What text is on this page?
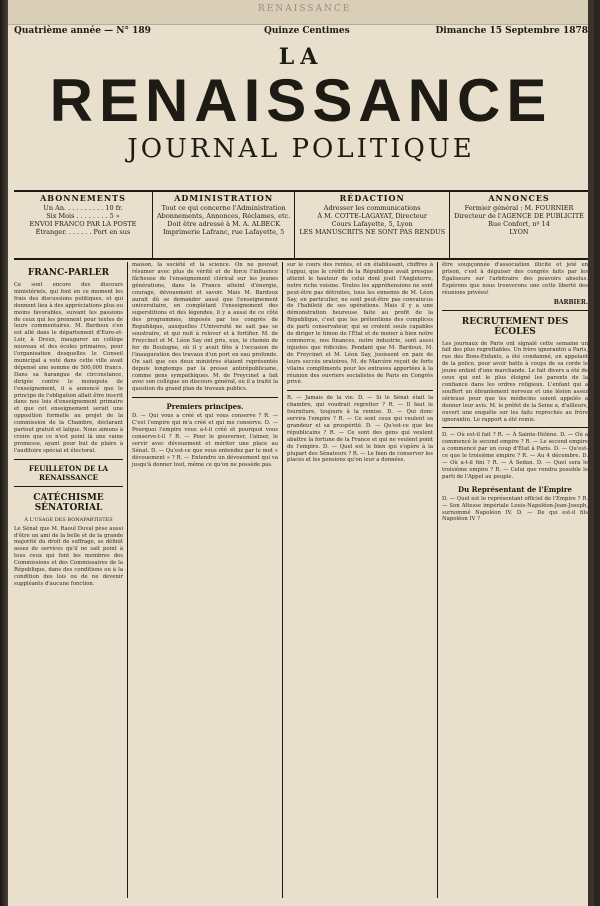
RENAISSANCE
Quatrième année — N° 189	Quinze Centimes	Dimanche 15 Septembre 1878
LA
RENAISSANCE
JOURNAL POLITIQUE
ABONNEMENTS
Un An. . . . . . . . . . 10 fr.
Six Mois . . . . . . . . 5 »
ENVOI FRANCO PAR LA POSTE
Étranger. . . . . . . Port en sus
ADMINISTRATION
Tout ce qui concerne l'Administration
Abonnements, Annonces, Réclames, etc.
Doit être adressé à M. A. ALBECK
Imprimerie Lafranc, rue Lafayette, 5
RÉDACTION
Adresser les communications
À M. COTTE-LAGAYAT, Directeur
Cours Lafayette, 5, Lyon
LES MANUSCRITS NE SONT PAS RENDUS
ANNONCES
Fermier général : M. FOURNIER
Directeur de l'AGENCE DE PUBLICITÉ
Rue Confort, nº 14
LYON
FRANC-PARLER

Ce sont encore des discours ministériels, qui font en ce moment les frais des discussions politiques, et qui donnent lieu à des appréciations plus ou moins favorables, suivant les passions de ceux qui les prennent pour textes de leurs commentaires. M. Bardoux s'en est allé dans le département d'Eure-et-Loir, à Dreux, inaugurer un collège nouveau et des écoles primaires, pour l'organisation desquelles le Conseil municipal a voté dans cette ville avait dépensé une somme de 500,000 francs. Dans sa harangue de circonstance, dirigée contre le monopole de l'enseignement, il a annoncé que le principe de l'obligation allait être inscrit dans nos lois d'enseignement primaire et que cet enseignement serait une opposition formelle au projet de la commission de la Chambre, déclarant partout gratuit et laïque. Nous aimons à croire que ce n'est point là une vaine promesse, ayant pour but de plaire à l'auditoire spécial et électoral.

FEUILLETON DE LA RENAISSANCE
CATÉCHISME SÉNATORIAL
À L'USAGE DES BONAPARTISTES

Le Sénat que M. Raoul Duval pèse aussi d'être un ami de la belle et de la grande majorité du droit de suffrage, se définit assez de services qu'il ne sait point à tous ceux qui font les membres des Commissions et des Commissaires de la République, dans des conditions ou à la condition des lois ou de ne devenir suppléants d'aucune fonction.

maison, la société et la science. On ne pouvait résumer avec plus de vérité et de force l'influence fâcheuse de l'enseignement clérical sur les jeunes générations, dans le France atteint d'énergie, courage, dévouement et savoir. Mais M. Bardoux aurait dû se demander aussi que l'enseignement universitaire, en complétant l'enseignement des superstitions et des légendes, il y a aussi de ce côté des programmes, imposés par les congrès de Republique, auxquelles l'Université ne sait pas se soustraire, et qui nuit à relever et à fortifier. M. de Freycinet et M. Léon Say ont pris, eux, le chemin de fer de Boulogne, où il y avait fête à l'occasion de l'inauguration des travaux d'un port en eau profonde. On sait que ces deux ministres étaient représentés depuis longtemps par la presse antirépublicaine, comme gens sympathiques. M. de Freycinet a fait avec son collègue un discours général, où il a traité la question du grand plan de travaux publics.

Premiers principes.

D. — Qui vous a créé et qui vous conserve ? R. — C'est l'empire qui m'a créé et qui me conserve. D. — Pourquoi l'empire vous a-t-il créé et pourquoi vous conserve-t-il ? R. — Pour le gouverner, l'aimer, le servir avec dévouement et mériter une place au Sénat. D. — Qu'est-ce que vous entendez par le mot « dévouement » ? R. — Entendre un dévouement qui va jusqu'à donner tout, même ce qu'on ne possède pas.

sur le cours des rentes, et en établissant, chiffres à l'appui, que le crédit de la République avait presque atteint le hauteur de celui dont jouit l'Angleterre, notre riche voisine. Toutes les appréhensions ne sont peut-être pas détruites, tous les ennemis de M. Léon Say, en particulier, ne sont peut-être pas convaincus de l'habileté de ses opérations. Mais il y a une démonstration heureuse faite au profit de la République, c'est que les prétentions des complices du parti conservateur, qui se croient seuls capables de diriger le timon de l'État et de mener à bien notre commerce, nos finances, notre industrie, sont aussi injustes que ridicules. Pendant que M. Bardoux, M. de Freycinet et M. Léon Say, jouissent en paix de leurs succès oratoires, M. de Marcère reçoit de forts vilains compliments pour les entraves apportées à la réunion des ouvriers socialistes de Paris en Congrès privé.

R. — Jamais de la vie. D. — Si le Sénat était la chambre, qui voudrait regretter ? R. — Il faut le fourniture, toujours à la remise. D. — Qui donc servira l'empire ? R. — Ce sont ceux qui veulent sa grandeur et sa prospérité. D. — Qu'est-ce que les républicains ? R. — Ce sont des gens qui veulent abattre la fortune de la France et qui ne veulent point de l'empire. D. — Quel est le bien qui s'opère à la plupart des Sénateurs ? R. — Le bien de conserver les places et les pensions qu'on leur a données.

être soupçonnée d'association illicite et jeté en prison, c'est à déguiser des congrès faits par les Égaliseurs sur l'arbitraire des pouvoirs absolus. Espérons que nous trouverons une cette liberté des réunions privées!

BARBIER.
RECRUTEMENT DES ÉCOLES

Les journaux de Paris ont signalé cette semaine un fait des plus regrettables. Un frère ignorantin a Paris, rue des Bons-Enfants, a été condamné, en appelant de la police, pour avoir battu à coups de sa corde le jeune enfant d'une marchande. Le fait divers a été de ceux qui ont le plus éloigné les parents de la confiance dans les ordres religieux. L'enfant qui a souffert un ébranlement nerveux et une lésion assez sérieuse pour que les médecins soient appelés à donner leur avis. M. le préfet de la Seine a, d'ailleurs, ouvert une enquête sur les faits reprochés au frère ignorantin. Le rapport a été remis.

D. — Où est-il fait ? R. — À Sainte-Hélène. D. — Où a commencé le second empire ? R. — Le second empire a commencé par un coup d'État à Paris. D. — Qu'est-ce que le troisième empire ? R. — Au 4 décembre. D. — Où a-t-il fini ? R. — À Sedan. D. — Quel sera le troisième empire ? R. — Celui que rendra possible le parti de l'Appel au peuple.

Du Représentant de l'Empire

D. — Quel est le représentant officiel de l'Empire ? R. — Son Altesse impériale Louis-Napoléon-Jean-Joseph, surnommé Napoléon IV. D. — De qui est-il fils Napoléon IV ?
